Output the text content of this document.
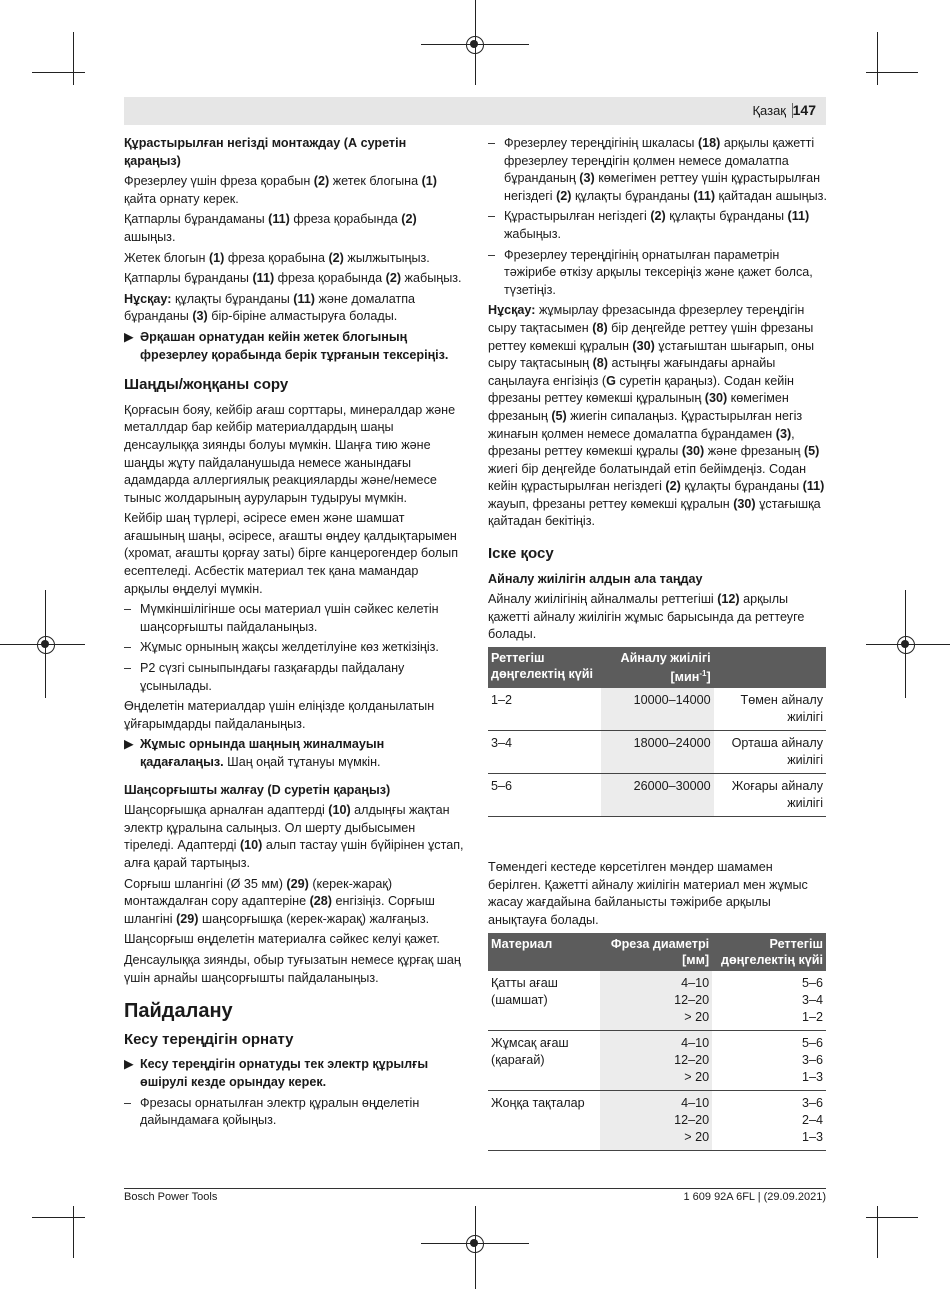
Қазақ 147

Құрастырылған негізді монтаждау (А суретін қараңыз)

Фрезерлеу үшін фреза қорабын (2) жетек блогына (1) қайта орнату керек.

Қатпарлы бұрандаманы (11) фреза қорабында (2) ашыңыз.

Жетек блогын (1) фреза қорабына (2) жылжытыңыз.

Қатпарлы бұранданы (11) фреза қорабында (2) жабыңыз.

Нұсқау: құлақты бұранданы (11) және домалатпа бұранданы (3) бір-біріне алмастыруға болады.

▶ Әрқашан орнатудан кейін жетек блогының фрезерлеу қорабында берік тұрғанын тексеріңіз.
Шаңды/жоңқаны сору

Қорғасын бояу, кейбір ағаш сорттары, минералдар және металлдар бар кейбір материалдардың шаңы денсаулыққа зиянды болуы мүмкін. Шаңға тию және шаңды жұту пайдаланушыда немесе жанындағы адамдарда аллергиялық реакцияларды және/немесе тыныс жолдарының ауруларын тудыруы мүмкін.

Кейбір шаң түрлері, әсіресе емен және шамшат ағашының шаңы, әсіресе, ағашты өңдеу қалдықтарымен (хромат, ағашты қорғау заты) бірге канцерогендер болып есептеледі. Асбестік материал тек қана мамандар арқылы өңделуі мүмкін.

– Мүмкіншілігінше осы материал үшін сәйкес келетін шаңсорғышты пайдаланыңыз.
– Жұмыс орнының жақсы желдетілуіне көз жеткізіңіз.
– Р2 сүзгі сыныпындағы газқағарды пайдалану ұсынылады.

Өңделетін материалдар үшін еліңізде қолданылатын ұйғарымдарды пайдаланыңыз.

▶ Жұмыс орнында шаңның жиналмауын қадағалаңыз. Шаң оңай тұтануы мүмкін.

Шаңсорғышты жалғау (D суретін қараңыз)

Шаңсорғышқа арналған адаптерді (10) алдыңғы жақтан электр құралына салыңыз. Ол шерту дыбысымен тіреледі. Адаптерді (10) алып тастау үшін бүйірінен ұстап, алға қарай тартыңыз.

Сорғыш шлангіні (Ø 35 мм) (29) (керек-жарақ) монтаждалған сору адаптеріне (28) енгізіңіз. Сорғыш шлангіні (29) шаңсорғышқа (керек-жарақ) жалғаңыз.

Шаңсорғыш өңделетін материалға сәйкес келуі қажет.

Денсаулыққа зиянды, обыр туғызатын немесе құрғақ шаң үшін арнайы шаңсорғышты пайдаланыңыз.

Пайдалану
Кесу тереңдігін орнату
▶ Кесу тереңдігін орнатуды тек электр құрылғы өшірулі кезде орындау керек.
– Фрезасы орнатылған электр құралын өңделетін дайындамаға қойыңыз.
– Фрезерлеу тереңдігінің шкаласы (18) арқылы қажетті фрезерлеу тереңдігін қолмен немесе домалатпа бұранданың (3) көмегімен реттеу үшін құрастырылған негіздегі (2) құлақты бұранданы (11) қайтадан ашыңыз.
– Құрастырылған негіздегі (2) құлақты бұранданы (11) жабыңыз.
– Фрезерлеу тереңдігінің орнатылған параметрін тәжірибе өткізу арқылы тексеріңіз және қажет болса, түзетіңіз.

Нұсқау: жұмырлау фрезасында фрезерлеу тереңдігін сыру тақтасымен (8) бір деңгейде реттеу үшін фрезаны реттеу көмекші құралын (30) ұстағыштан шығарып, оны сыру тақтасының (8) астыңғы жағындағы арнайы саңылауға енгізіңіз (G суретін қараңыз). Содан кейін фрезаны реттеу көмекші құралының (30) көмегімен фрезаның (5) жиегін сипалаңыз. Құрастырылған негіз жинағын қолмен немесе домалатпа бұрандамен (3), фрезаны реттеу көмекші құралы (30) және фрезаның (5) жиегі бір деңгейде болатындай етіп бейімдеңіз. Содан кейін құрастырылған негіздегі (2) құлақты бұранданы (11) жауып, фрезаны реттеу көмекші құралын (30) ұстағышқа қайтадан бекітіңіз.

Іске қосу

Айналу жиілігін алдын ала таңдау

Айналу жиілігінің айналмалы реттегіші (12) арқылы қажетті айналу жиілігін жұмыс барысында да реттеуге болады.

Реттегіш дөңгелектің күйі	Айналу жиілігі
[мин$^{-1}$]	
1–2	10000–14000	Төмен айналу жиілігі
3–4	18000–24000	Орташа айналу жиілігі
5–6	26000–30000	Жоғары айналу жиілігі

Төмендегі кестеде көрсетілген мәндер шамамен берілген. Қажетті айналу жиілігін материал мен жұмыс жасау жағдайына байланысты тәжірибе арқылы анықтауға болады.

Материал	Фреза диаметрі
[мм]	Реттегіш
дөңгелектің күйі
Қатты ағаш
(шамшат)	4–10
12–20
> 20	5–6
3–4
1–2
Жұмсақ ағаш
(қарағай)	4–10
12–20
> 20	5–6
3–6
1–3
Жоңқа тақталар	4–10
12–20
> 20	3–6
2–4
1–3
Bosch Power Tools	1 609 92A 6FL | (29.09.2021)
